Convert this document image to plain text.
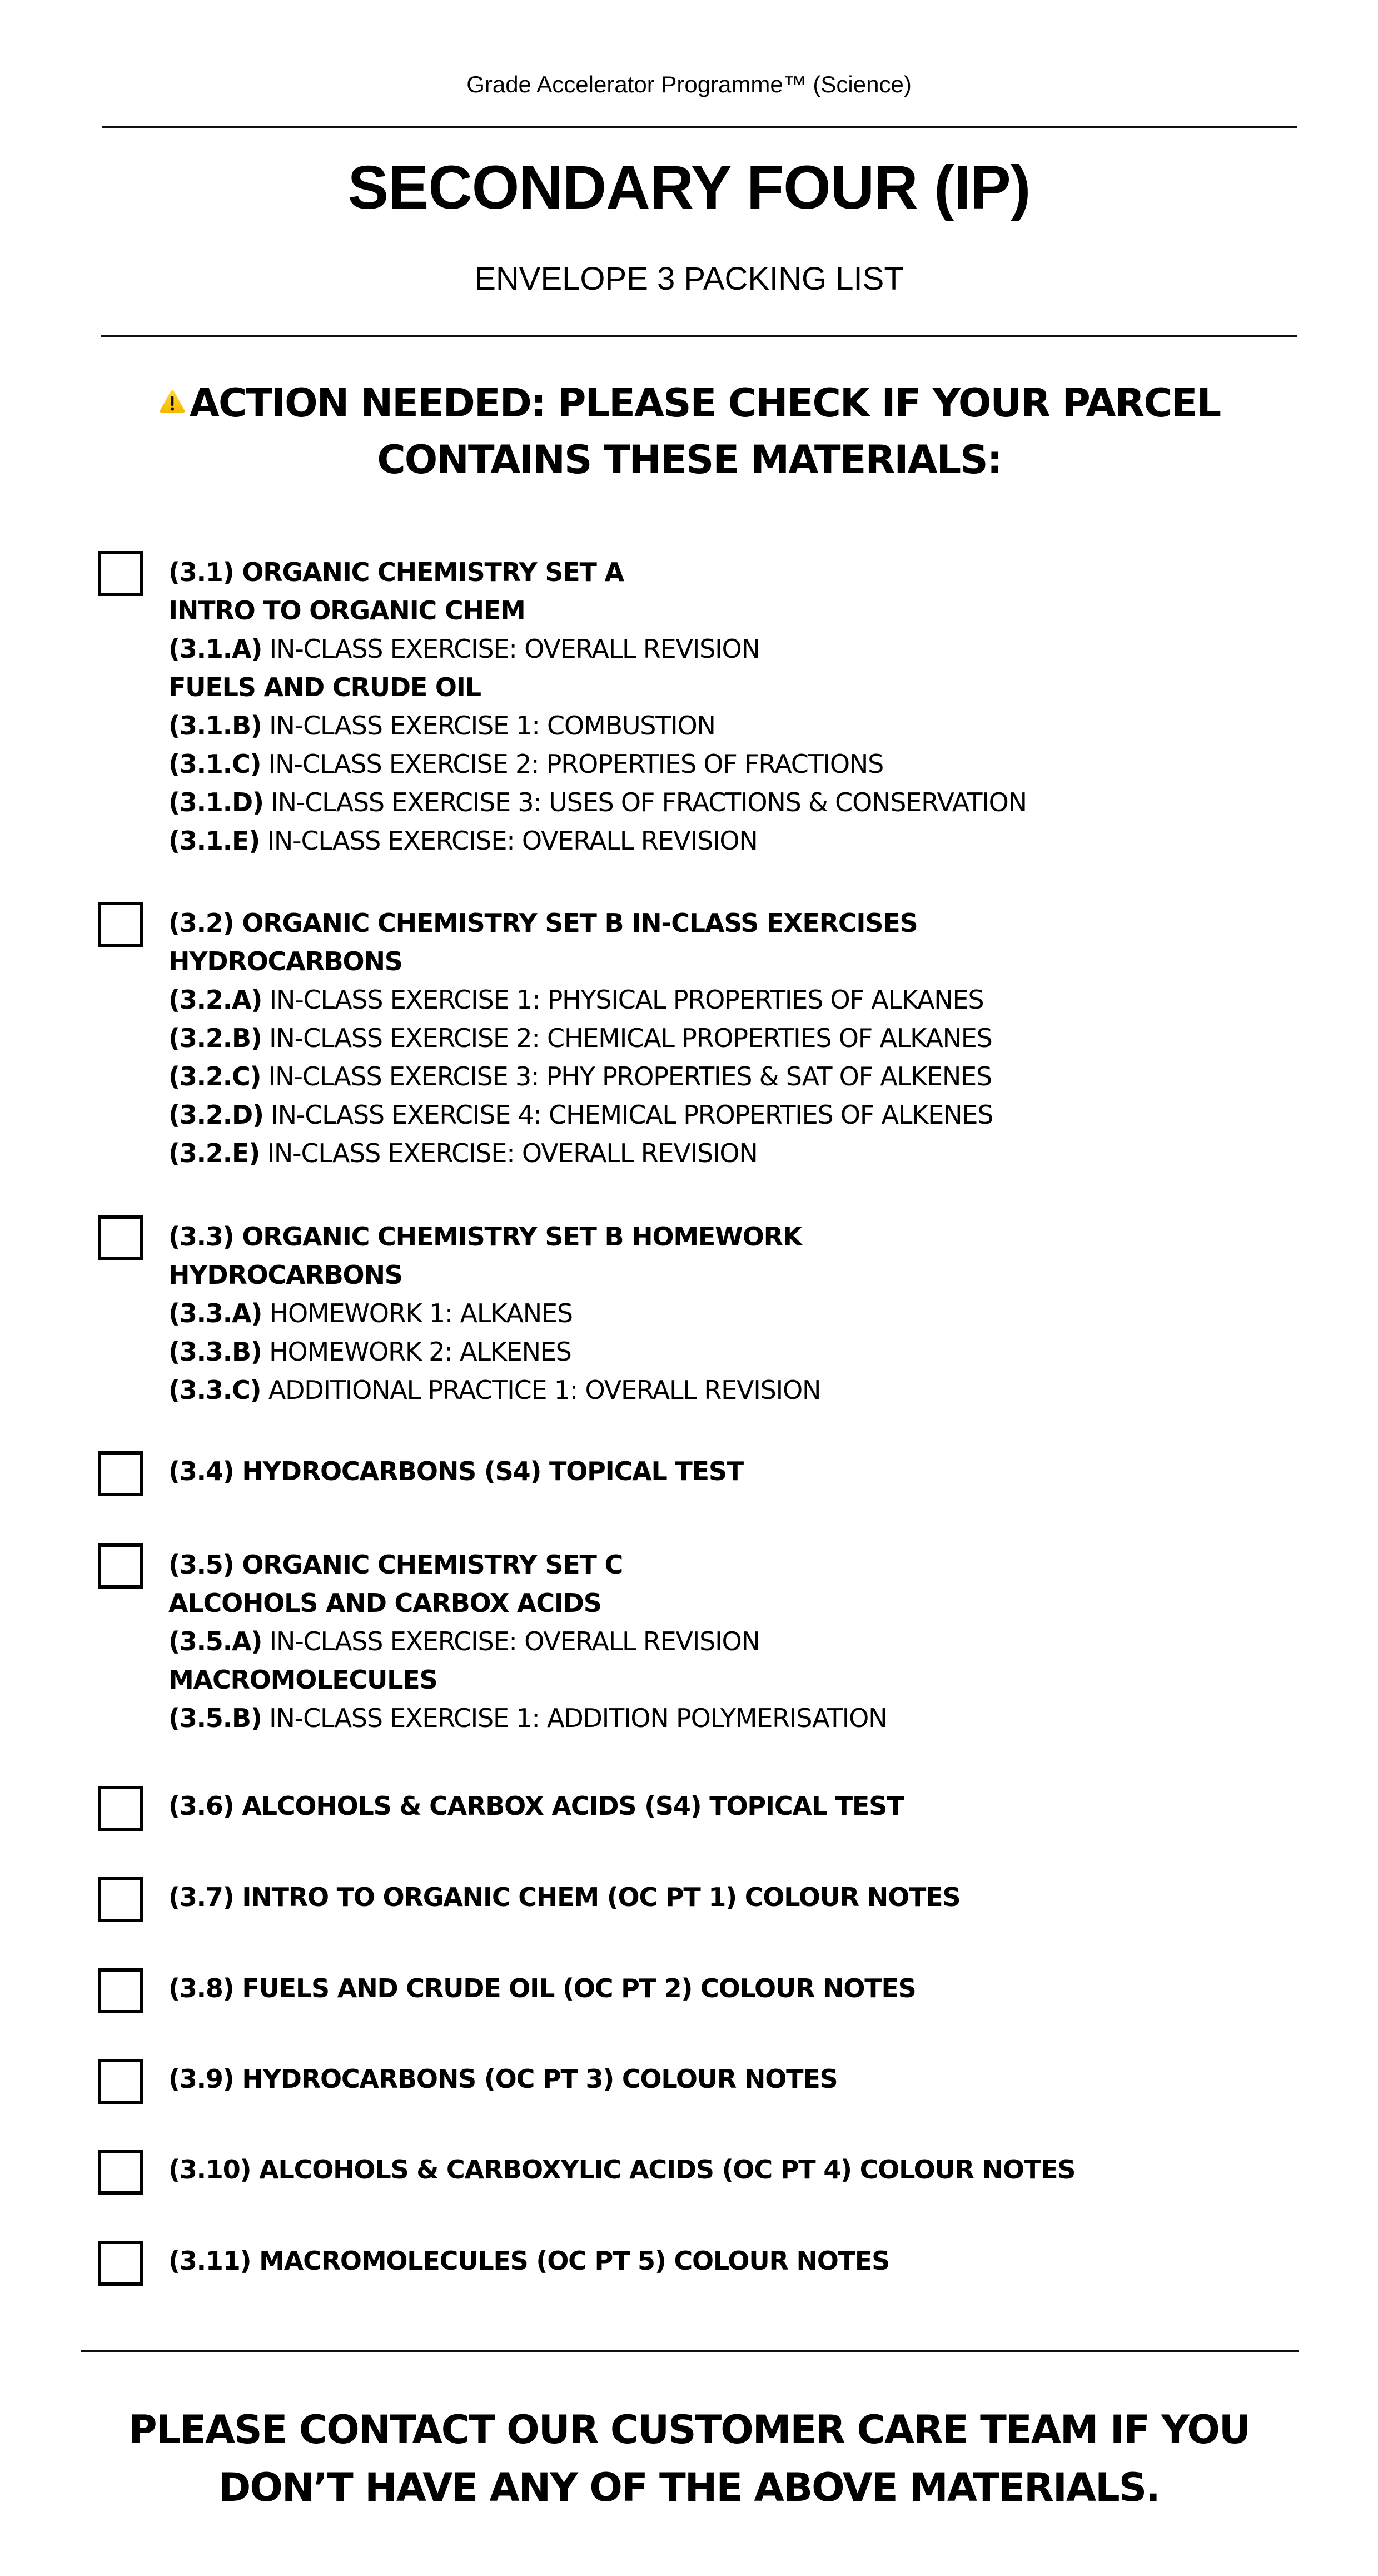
Grade Accelerator Programme™ (Science)
SECONDARY FOUR (IP)
ENVELOPE 3 PACKING LIST
ACTION NEEDED: PLEASE CHECK IF YOUR PARCEL
CONTAINS THESE MATERIALS:
(3.1) ORGANIC CHEMISTRY SET A
INTRO TO ORGANIC CHEM
(3.1.A) IN-CLASS EXERCISE: OVERALL REVISION
FUELS AND CRUDE OIL
(3.1.B) IN-CLASS EXERCISE 1: COMBUSTION
(3.1.C) IN-CLASS EXERCISE 2: PROPERTIES OF FRACTIONS
(3.1.D) IN-CLASS EXERCISE 3: USES OF FRACTIONS & CONSERVATION
(3.1.E) IN-CLASS EXERCISE: OVERALL REVISION
(3.2) ORGANIC CHEMISTRY SET B IN-CLASS EXERCISES
HYDROCARBONS
(3.2.A) IN-CLASS EXERCISE 1: PHYSICAL PROPERTIES OF ALKANES
(3.2.B) IN-CLASS EXERCISE 2: CHEMICAL PROPERTIES OF ALKANES
(3.2.C) IN-CLASS EXERCISE 3: PHY PROPERTIES & SAT OF ALKENES
(3.2.D) IN-CLASS EXERCISE 4: CHEMICAL PROPERTIES OF ALKENES
(3.2.E) IN-CLASS EXERCISE: OVERALL REVISION
(3.3) ORGANIC CHEMISTRY SET B HOMEWORK
HYDROCARBONS
(3.3.A) HOMEWORK 1: ALKANES
(3.3.B) HOMEWORK 2: ALKENES
(3.3.C) ADDITIONAL PRACTICE 1: OVERALL REVISION
(3.4) HYDROCARBONS (S4) TOPICAL TEST
(3.5) ORGANIC CHEMISTRY SET C
ALCOHOLS AND CARBOX ACIDS
(3.5.A) IN-CLASS EXERCISE: OVERALL REVISION
MACROMOLECULES
(3.5.B) IN-CLASS EXERCISE 1: ADDITION POLYMERISATION
(3.6) ALCOHOLS & CARBOX ACIDS (S4) TOPICAL TEST
(3.7) INTRO TO ORGANIC CHEM (OC PT 1) COLOUR NOTES
(3.8) FUELS AND CRUDE OIL (OC PT 2) COLOUR NOTES
(3.9) HYDROCARBONS (OC PT 3) COLOUR NOTES
(3.10) ALCOHOLS & CARBOXYLIC ACIDS (OC PT 4) COLOUR NOTES
(3.11) MACROMOLECULES (OC PT 5) COLOUR NOTES
PLEASE CONTACT OUR CUSTOMER CARE TEAM IF YOU
DON’T HAVE ANY OF THE ABOVE MATERIALS.
